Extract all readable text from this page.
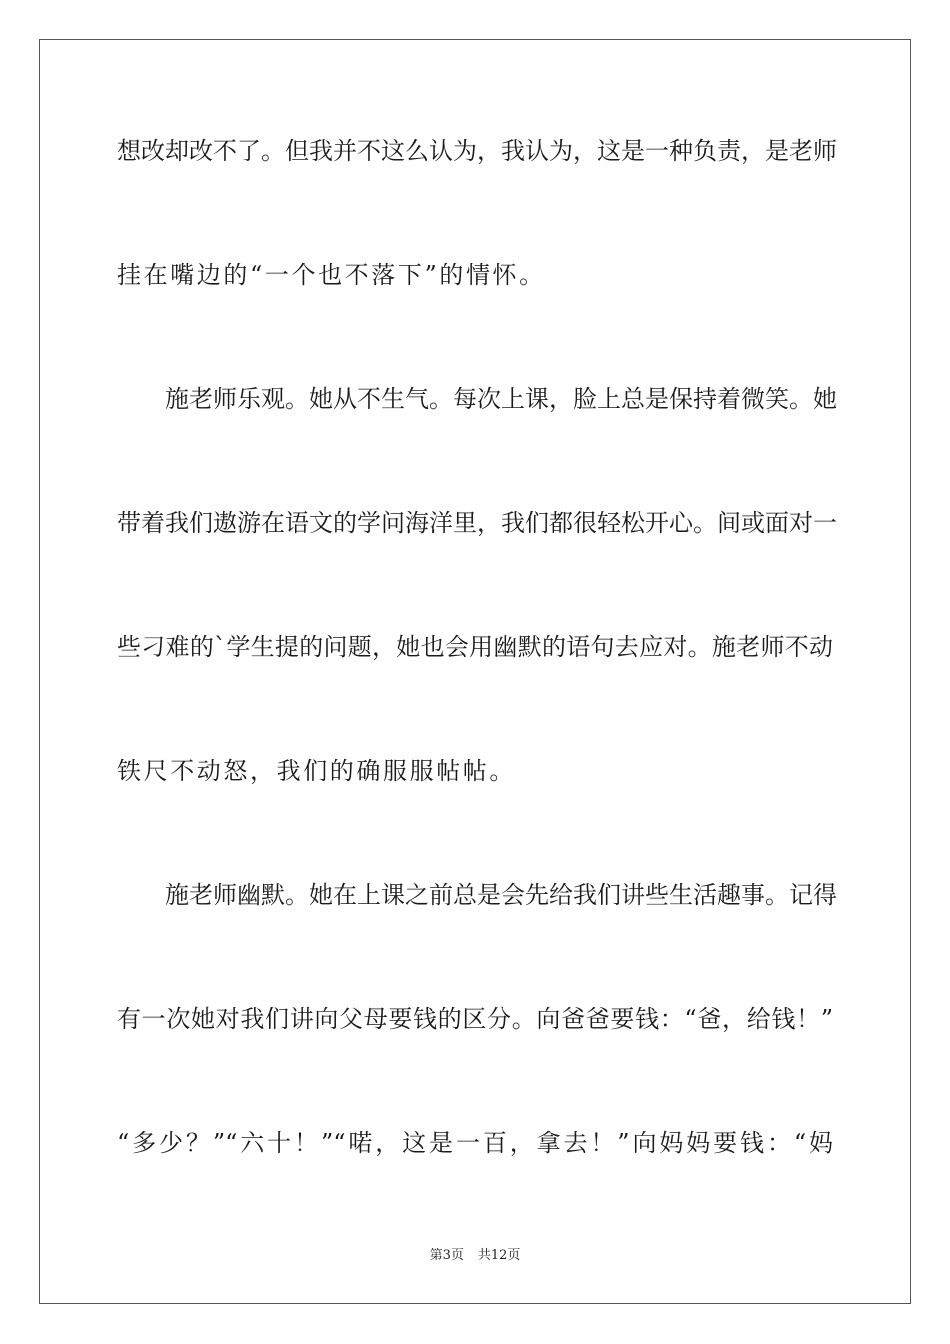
想改却改不了。但我并不这么认为，我认为，这是一种负责，是老师
挂在嘴边的“一个也不落下”的情怀。
施老师乐观。她从不生气。每次上课，脸上总是保持着微笑。她
带着我们遨游在语文的学问海洋里，我们都很轻松开心。间或面对一
些刁难的`学生提的问题，她也会用幽默的语句去应对。施老师不动
铁尺不动怒，我们的确服服帖帖。
施老师幽默。她在上课之前总是会先给我们讲些生活趣事。记得
有一次她对我们讲向父母要钱的区分。向爸爸要钱：“爸，给钱！”
“多少？”“六十！”“喏，这是一百，拿去！”向妈妈要钱：“妈
第3页 共12页
